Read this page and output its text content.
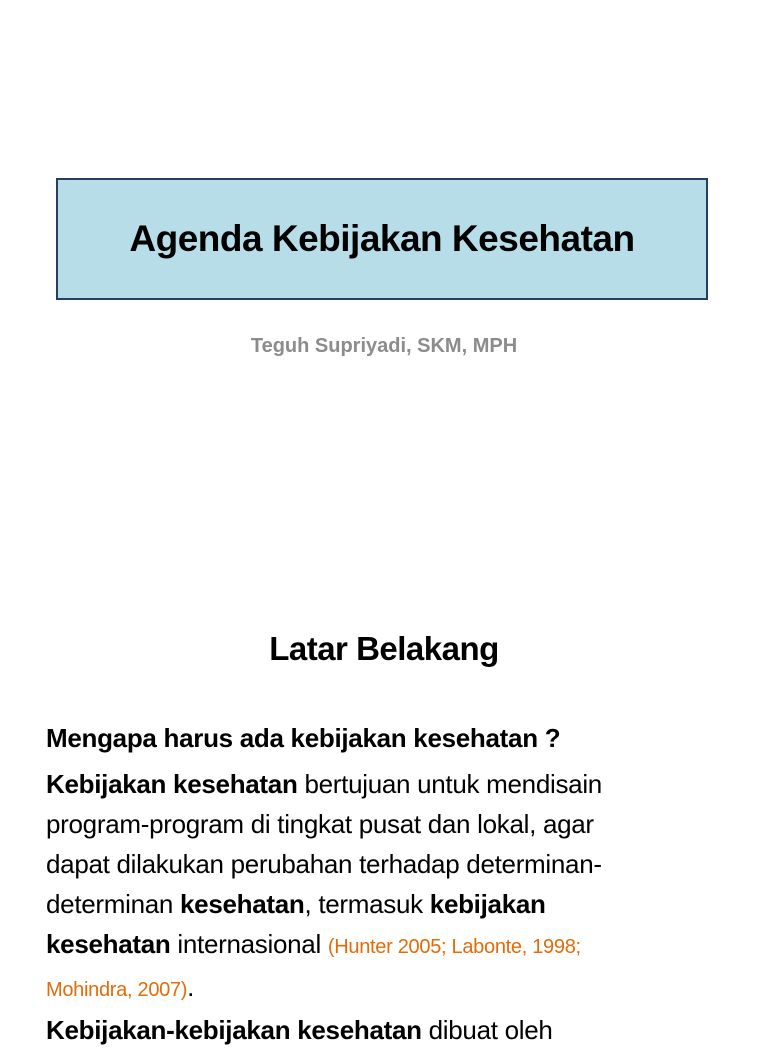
Agenda Kebijakan Kesehatan
Teguh Supriyadi, SKM, MPH
Latar Belakang
Mengapa harus ada kebijakan kesehatan ?

Kebijakan kesehatan bertujuan untuk mendisain
program-program di tingkat pusat dan lokal, agar
dapat dilakukan perubahan terhadap determinan-
determinan kesehatan, termasuk kebijakan
kesehatan internasional (Hunter 2005; Labonte, 1998;
Mohindra, 2007).

Kebijakan-kebijakan kesehatan dibuat oleh
